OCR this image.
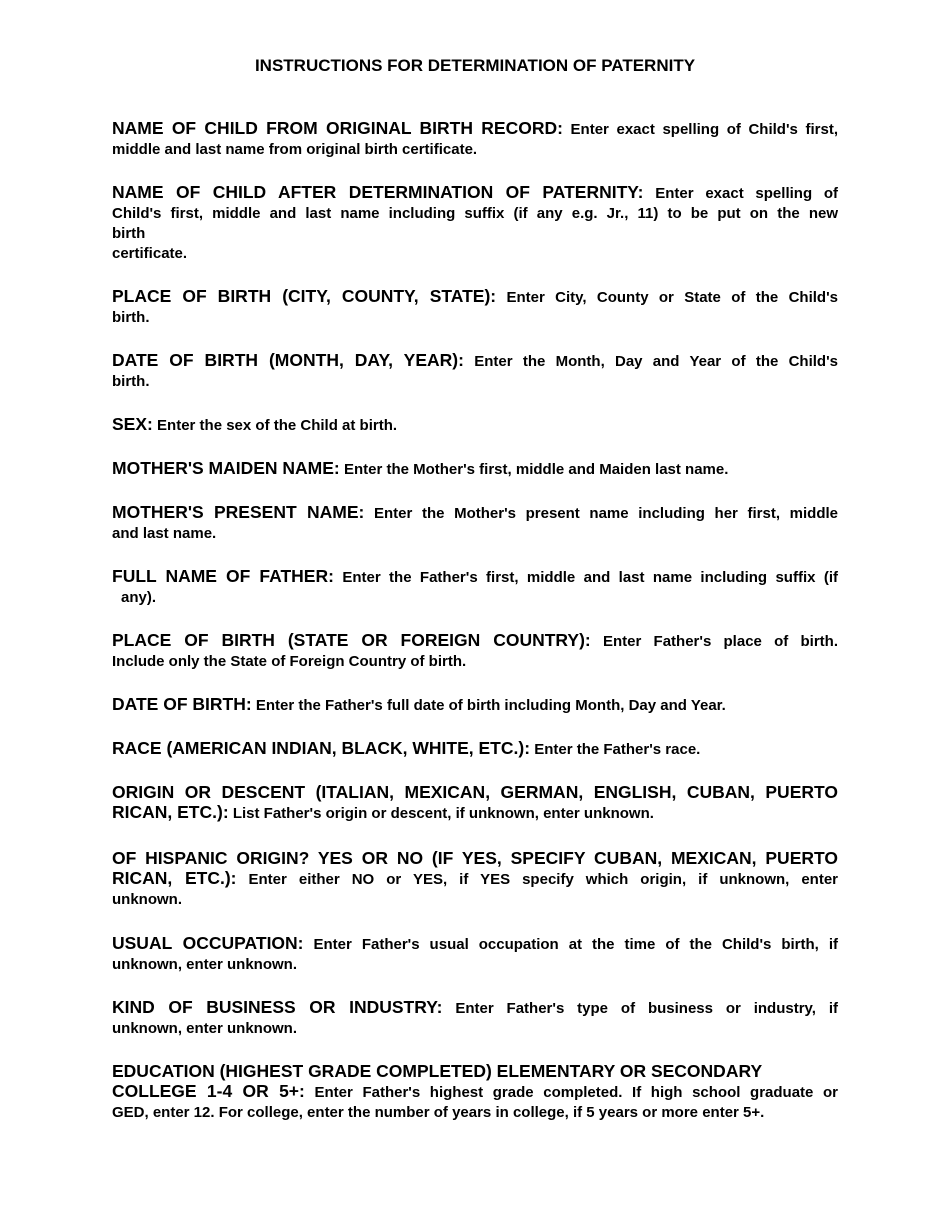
INSTRUCTIONS FOR DETERMINATION OF PATERNITY
NAME OF CHILD FROM ORIGINAL BIRTH RECORD: Enter exact spelling of Child's first,
middle and last name from original birth certificate.
NAME OF CHILD AFTER DETERMINATION OF PATERNITY: Enter exact spelling of
Child's first, middle and last name including suffix (if any e.g. Jr., 11) to be put on the new
birth
certificate.
PLACE OF BIRTH (CITY, COUNTY, STATE): Enter City, County or State of the Child's
birth.
DATE OF BIRTH (MONTH, DAY, YEAR): Enter the Month, Day and Year of the Child's
birth.
SEX: Enter the sex of the Child at birth.
MOTHER'S MAIDEN NAME: Enter the Mother's first, middle and Maiden last name.
MOTHER'S PRESENT NAME: Enter the Mother's present name including her first, middle
and last name.
FULL NAME OF FATHER: Enter the Father's first, middle and last name including suffix (if
any).
PLACE OF BIRTH (STATE OR FOREIGN COUNTRY): Enter Father's place of birth.
Include only the State of Foreign Country of birth.
DATE OF BIRTH: Enter the Father's full date of birth including Month, Day and Year.
RACE (AMERICAN INDIAN, BLACK, WHITE, ETC.): Enter the Father's race.
ORIGIN OR DESCENT (ITALIAN, MEXICAN, GERMAN, ENGLISH, CUBAN, PUERTO
RICAN, ETC.): List Father's origin or descent, if unknown, enter unknown.
OF HISPANIC ORIGIN? YES OR NO (IF YES, SPECIFY CUBAN, MEXICAN, PUERTO
RICAN, ETC.): Enter either NO or YES, if YES specify which origin, if unknown, enter
unknown.
USUAL OCCUPATION: Enter Father's usual occupation at the time of the Child's birth, if
unknown, enter unknown.
KIND OF BUSINESS OR INDUSTRY: Enter Father's type of business or industry, if
unknown, enter unknown.
EDUCATION (HIGHEST GRADE COMPLETED) ELEMENTARY OR SECONDARY
COLLEGE 1-4 OR 5+: Enter Father's highest grade completed. If high school graduate or
GED, enter 12. For college, enter the number of years in college, if 5 years or more enter 5+.
